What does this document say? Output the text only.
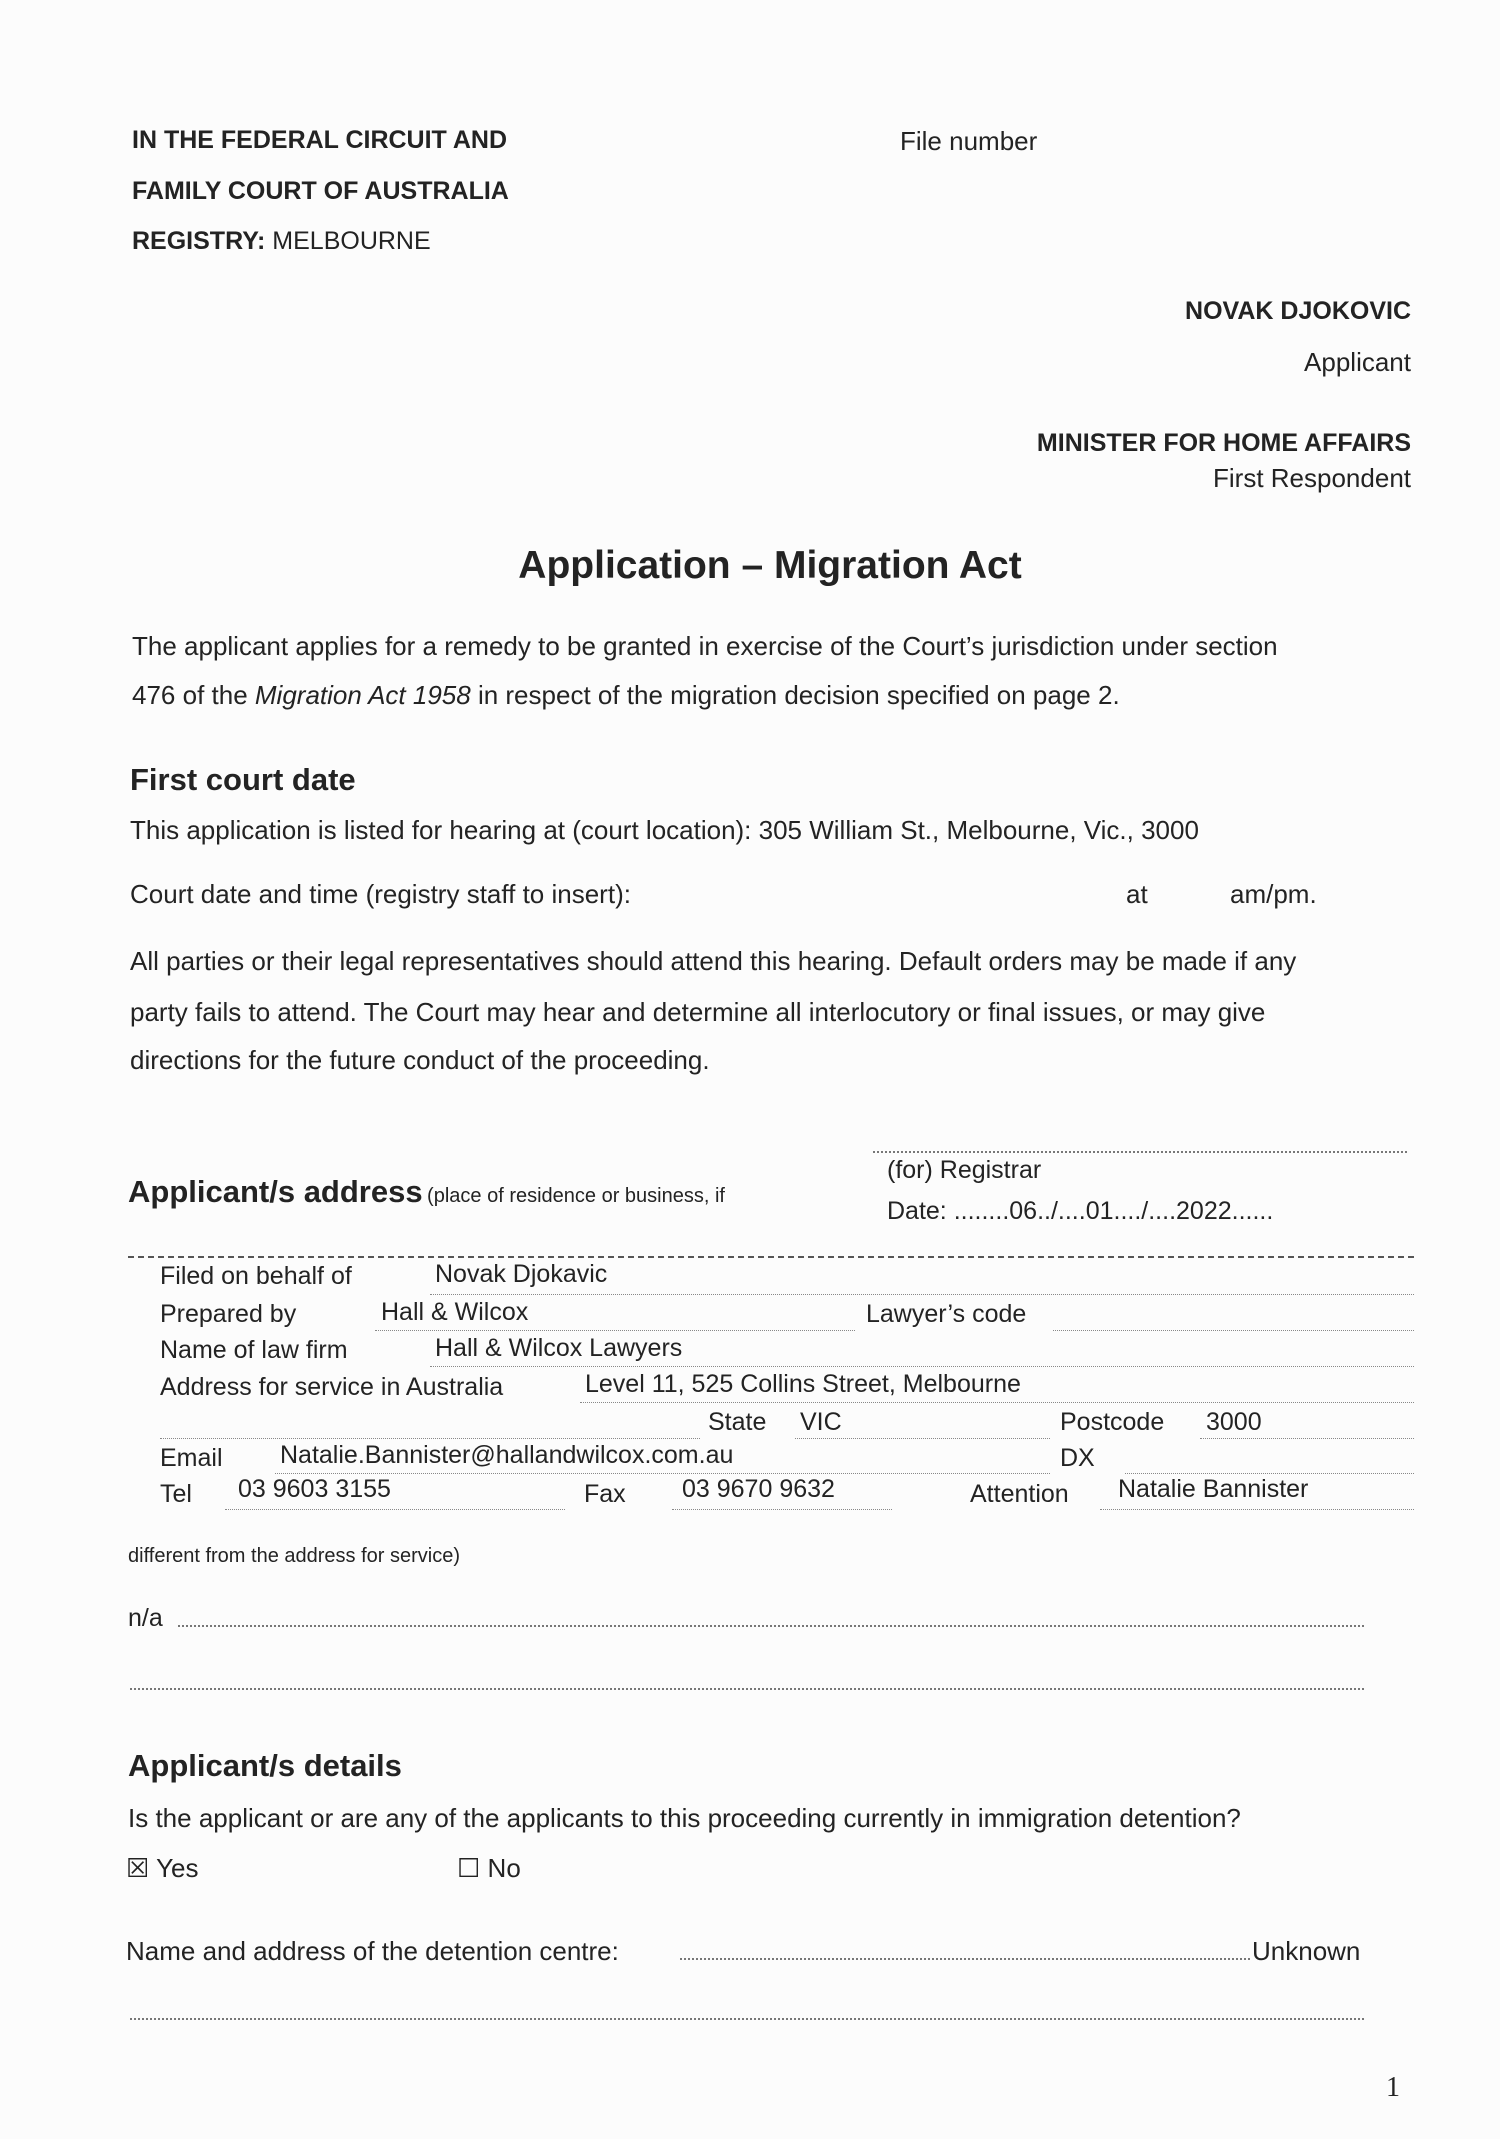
IN THE FEDERAL CIRCUIT AND
FAMILY COURT OF AUSTRALIA
REGISTRY: MELBOURNE
File number
NOVAK DJOKOVIC
Applicant
MINISTER FOR HOME AFFAIRS
First Respondent
Application – Migration Act
The applicant applies for a remedy to be granted in exercise of the Court’s jurisdiction under section
476 of the Migration Act 1958 in respect of the migration decision specified on page 2.
First court date
This application is listed for hearing at (court location): 305 William St., Melbourne, Vic., 3000
Court date and time (registry staff to insert):	at	am/pm.
All parties or their legal representatives should attend this hearing. Default orders may be made if any
party fails to attend. The Court may hear and determine all interlocutory or final issues, or may give
directions for the future conduct of the proceeding.
(for) Registrar
Date: ........06../....01..../....2022......
Applicant/s address (place of residence or business, if
Filed on behalf of	Novak Djokavic
Prepared by	Hall & Wilcox	Lawyer’s code
Name of law firm	Hall & Wilcox Lawyers
Address for service in Australia	Level 11, 525 Collins Street, Melbourne
State VIC	Postcode 3000
Email Natalie.Bannister@hallandwilcox.com.au	DX
Tel 03 9603 3155	Fax 03 9670 9632	Attention Natalie Bannister
different from the address for service)
n/a
Applicant/s details
Is the applicant or are any of the applicants to this proceeding currently in immigration detention?
☒ Yes	☐ No
Name and address of the detention centre:	Unknown
1
